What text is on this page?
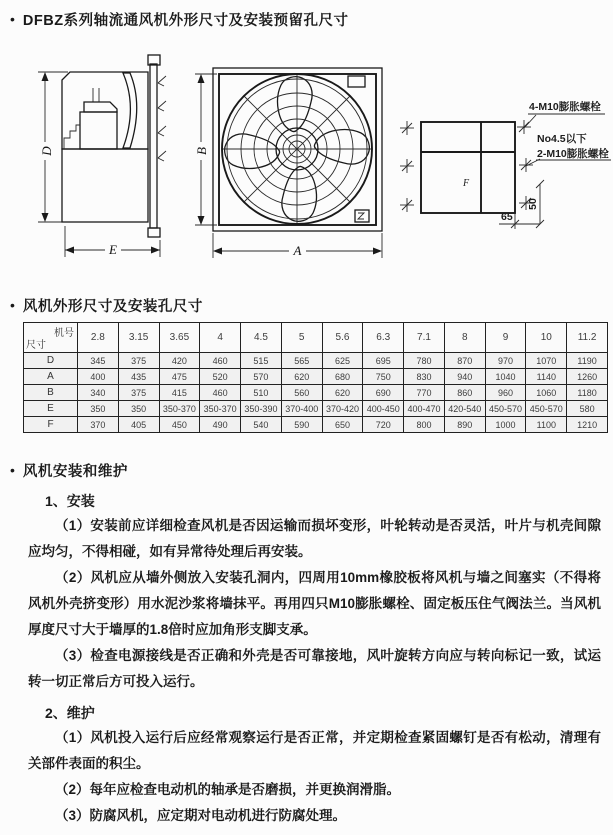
• DFBZ系列轴流通风机外形尺寸及安装预留孔尺寸
D
E
B
A
F
4-M10膨胀螺栓
No4.5以下
2-M10膨胀螺栓
50
65
• 风机外形尺寸及安装孔尺寸
机号
尺寸	2.8	3.15	3.65	4	4.5	5	5.6	6.3	7.1	8	9	10	11.2
D	345	375	420	460	515	565	625	695	780	870	970	1070	1190
A	400	435	475	520	570	620	680	750	830	940	1040	1140	1260
B	340	375	415	460	510	560	620	690	770	860	960	1060	1180
E	350	350	350-370	350-370	350-390	370-400	370-420	400-450	400-470	420-540	450-570	450-570	580
F	370	405	450	490	540	590	650	720	800	890	1000	1100	1210
• 风机安装和维护
1、安装

（1）安装前应详细检查风机是否因运输而损坏变形，叶轮转动是否灵活，叶片与机壳间隙应均匀，不得相碰，如有异常待处理后再安装。

（2）风机应从墙外侧放入安装孔洞内，四周用10mm橡胶板将风机与墙之间塞实（不得将风机外壳挤变形）用水泥沙浆将墙抹平。再用四只M10膨胀螺栓、固定板压住气阀法兰。当风机厚度尺寸大于墙厚的1.8倍时应加角形支脚支承。

（3）检查电源接线是否正确和外壳是否可靠接地，风叶旋转方向应与转向标记一致，试运转一切正常后方可投入运行。

2、维护

（1）风机投入运行后应经常观察运行是否正常，并定期检查紧固螺钉是否有松动，清理有关部件表面的积尘。

（2）每年应检查电动机的轴承是否磨损，并更换润滑脂。

（3）防腐风机，应定期对电动机进行防腐处理。
